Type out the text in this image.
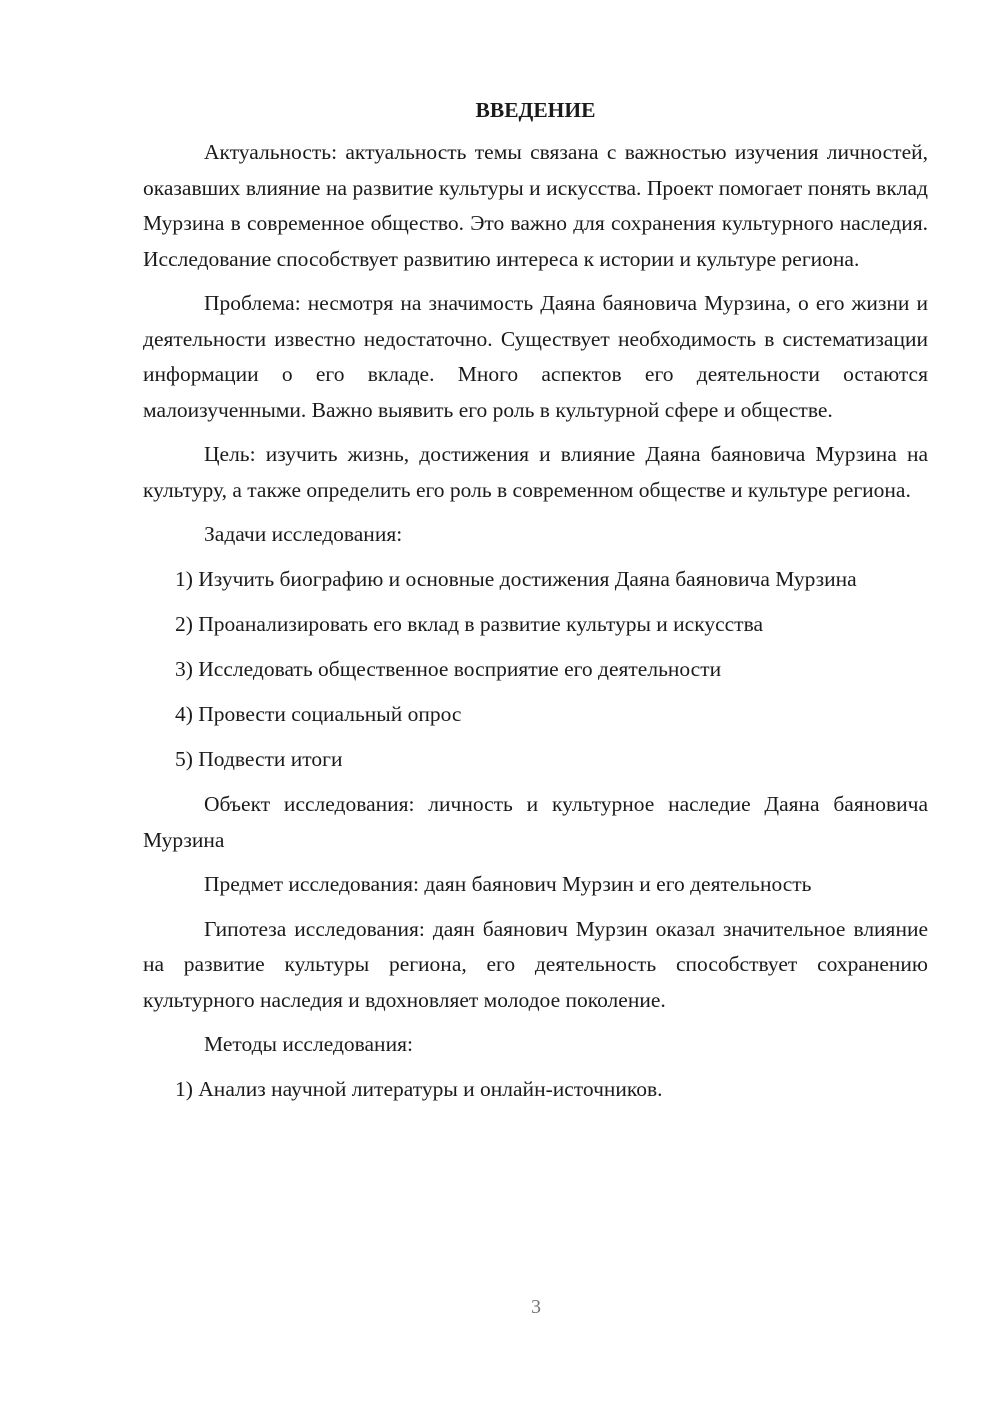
ВВЕДЕНИЕ

Актуальность: актуальность темы связана с важностью изучения личностей, оказавших влияние на развитие культуры и искусства. Проект помогает понять вклад Мурзина в современное общество. Это важно для сохранения культурного наследия. Исследование способствует развитию интереса к истории и культуре региона.

Проблема: несмотря на значимость Даяна баяновича Мурзина, о его жизни и деятельности известно недостаточно. Существует необходимость в систематизации информации о его вкладе. Много аспектов его деятельности остаются малоизученными. Важно выявить его роль в культурной сфере и обществе.

Цель: изучить жизнь, достижения и влияние Даяна баяновича Мурзина на культуру, а также определить его роль в современном обществе и культуре региона.

Задачи исследования:

1) Изучить биографию и основные достижения Даяна баяновича Мурзина

2) Проанализировать его вклад в развитие культуры и искусства

3) Исследовать общественное восприятие его деятельности

4) Провести социальный опрос

5) Подвести итоги

Объект исследования: личность и культурное наследие Даяна баяновича Мурзина

Предмет исследования: даян баянович Мурзин и его деятельность

Гипотеза исследования: даян баянович Мурзин оказал значительное влияние на развитие культуры региона, его деятельность способствует сохранению культурного наследия и вдохновляет молодое поколение.

Методы исследования:

1) Анализ научной литературы и онлайн-источников.

3
